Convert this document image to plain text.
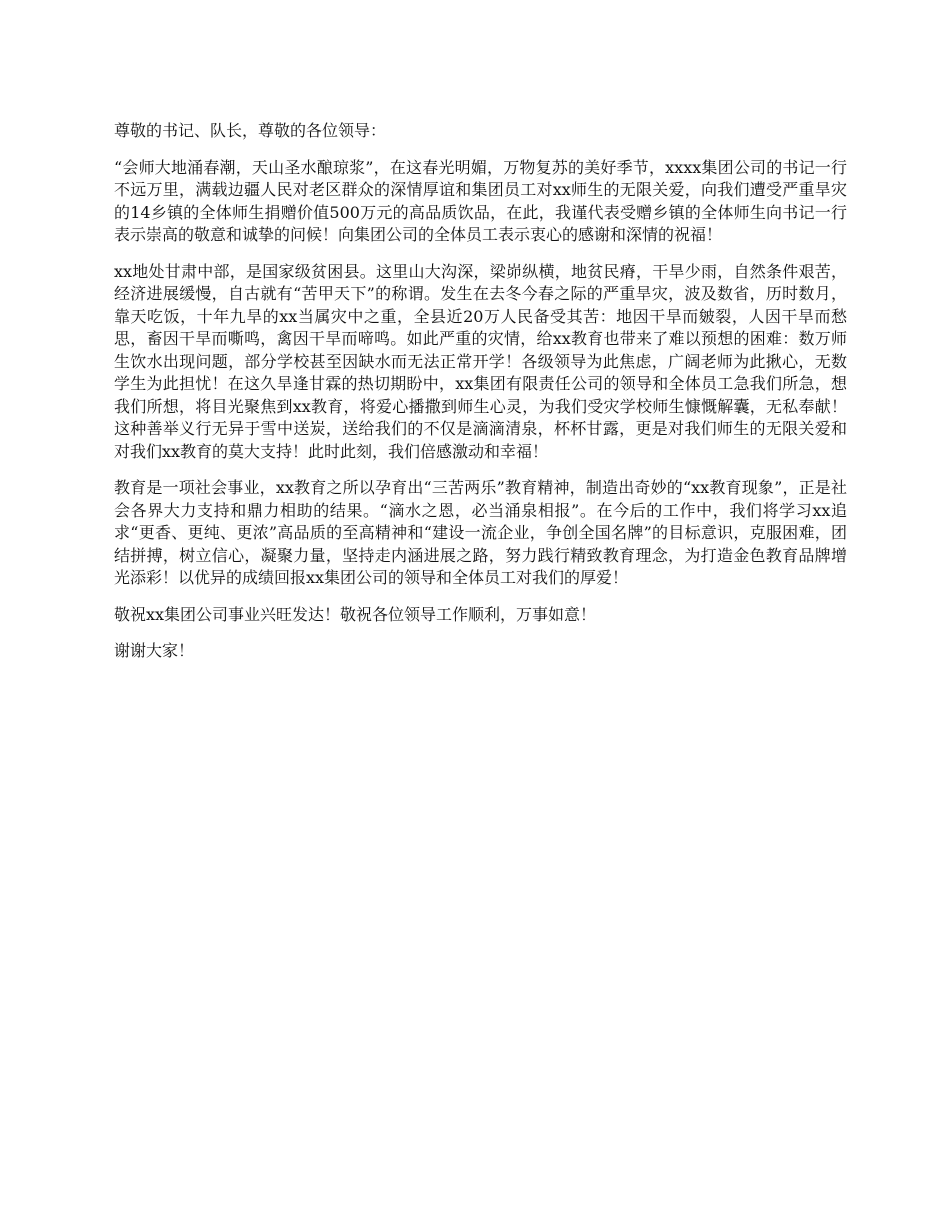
尊敬的书记、队长，尊敬的各位领导：

“会师大地涌春潮，天山圣水酿琼浆”，在这春光明媚，万物复苏的美好季节，xxxx集团公司的书记一行不远万里，满载边疆人民对老区群众的深情厚谊和集团员工对xx师生的无限关爱，向我们遭受严重旱灾的14乡镇的全体师生捐赠价值500万元的高品质饮品，在此，我谨代表受赠乡镇的全体师生向书记一行表示崇高的敬意和诚挚的问候！向集团公司的全体员工表示衷心的感谢和深情的祝福！

xx地处甘肃中部，是国家级贫困县。这里山大沟深，梁峁纵横，地贫民瘠，干旱少雨，自然条件艰苦，经济进展缓慢，自古就有“苦甲天下”的称谓。发生在去冬今春之际的严重旱灾，波及数省，历时数月，靠天吃饭，十年九旱的xx当属灾中之重，全县近20万人民备受其苦：地因干旱而皴裂，人因干旱而愁思，畜因干旱而嘶鸣，禽因干旱而啼鸣。如此严重的灾情，给xx教育也带来了难以预想的困难：数万师生饮水出现问题，部分学校甚至因缺水而无法正常开学！各级领导为此焦虑，广阔老师为此揪心，无数学生为此担忧！在这久旱逢甘霖的热切期盼中，xx集团有限责任公司的领导和全体员工急我们所急，想我们所想，将目光聚焦到xx教育，将爱心播撒到师生心灵，为我们受灾学校师生慷慨解囊，无私奉献！这种善举义行无异于雪中送炭，送给我们的不仅是滴滴清泉，杯杯甘露，更是对我们师生的无限关爱和对我们xx教育的莫大支持！此时此刻，我们倍感激动和幸福！

教育是一项社会事业，xx教育之所以孕育出“三苦两乐”教育精神，制造出奇妙的“xx教育现象”，正是社会各界大力支持和鼎力相助的结果。“滴水之恩，必当涌泉相报”。在今后的工作中，我们将学习xx追求“更香、更纯、更浓”高品质的至高精神和“建设一流企业，争创全国名牌”的目标意识，克服困难，团结拼搏，树立信心，凝聚力量，坚持走内涵进展之路，努力践行精致教育理念，为打造金色教育品牌增光添彩！以优异的成绩回报xx集团公司的领导和全体员工对我们的厚爱！

敬祝xx集团公司事业兴旺发达！敬祝各位领导工作顺利，万事如意！

谢谢大家！
